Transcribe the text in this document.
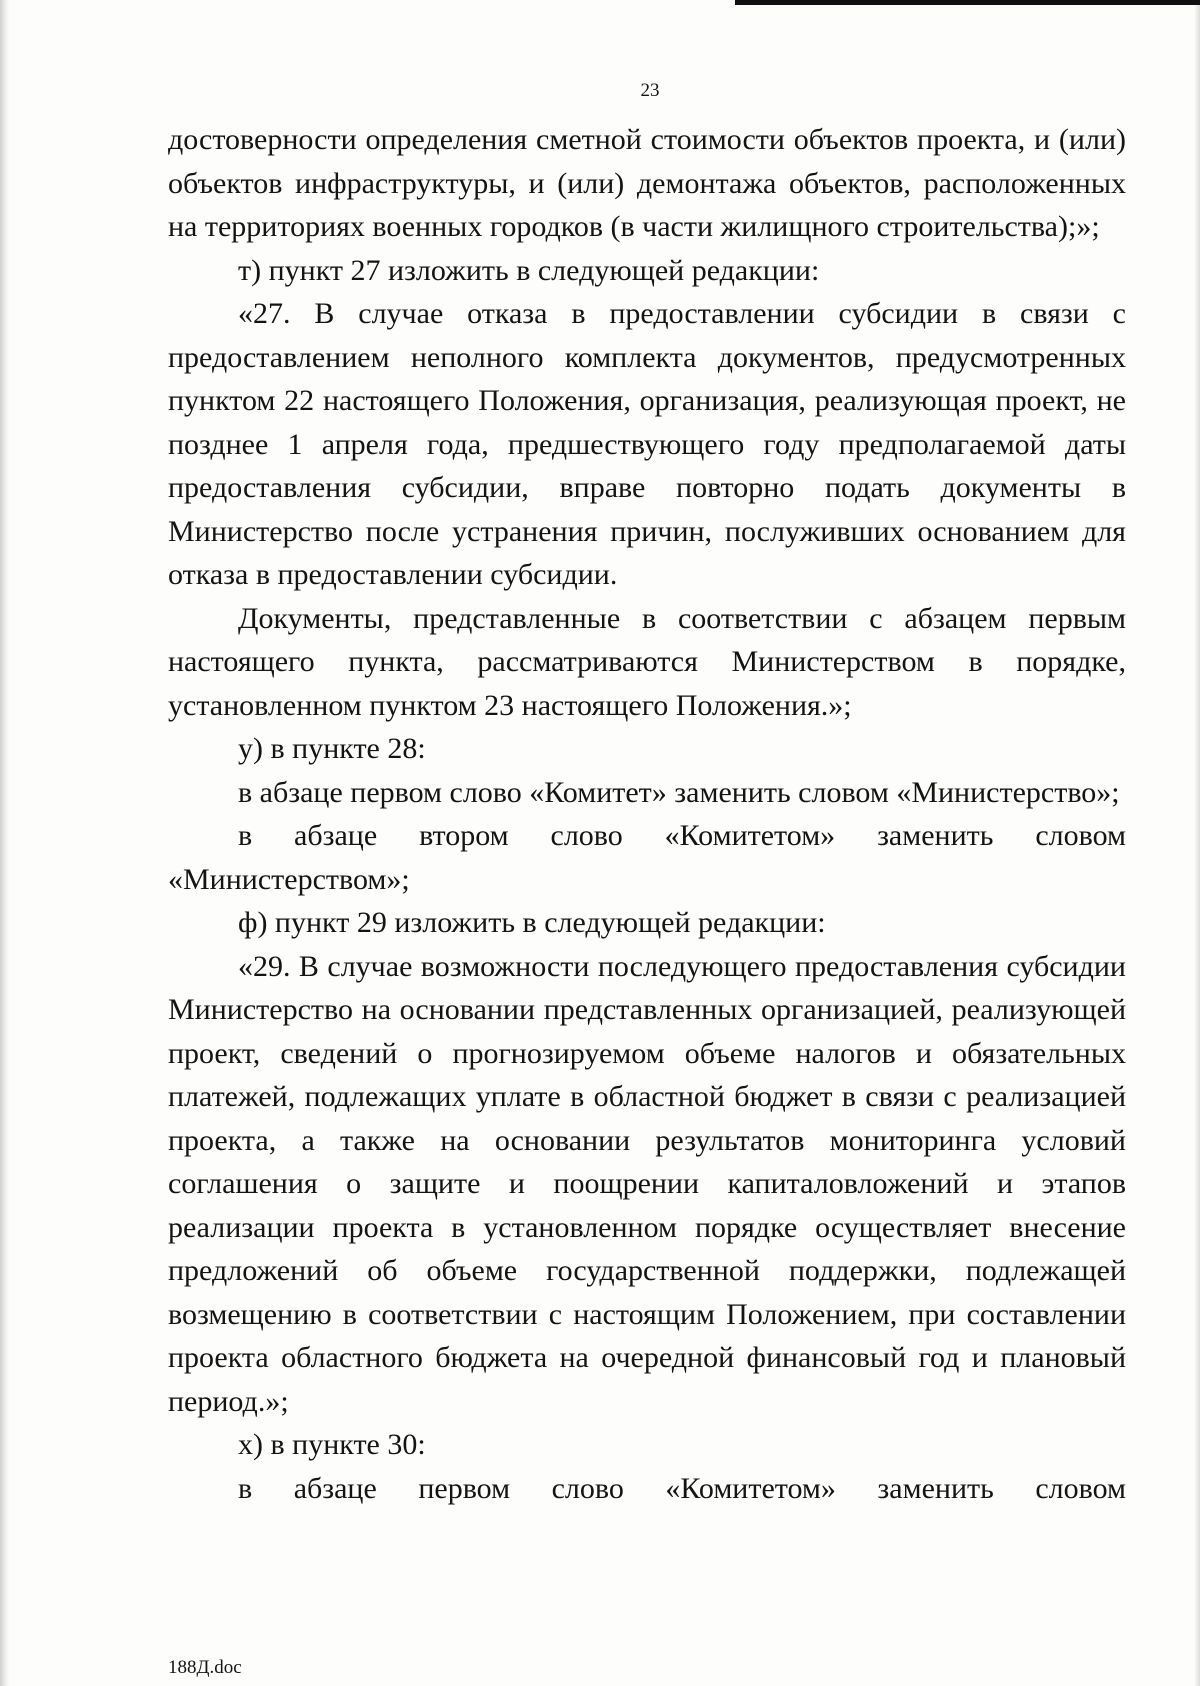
23

достоверности определения сметной стоимости объектов проекта, и (или) объектов инфраструктуры, и (или) демонтажа объектов, расположенных на территориях военных городков (в части жилищного строительства);»;

т) пункт 27 изложить в следующей редакции:

«27. В случае отказа в предоставлении субсидии в связи с предоставлением неполного комплекта документов, предусмотренных пунктом 22 настоящего Положения, организация, реализующая проект, не позднее 1 апреля года, предшествующего году предполагаемой даты предоставления субсидии, вправе повторно подать документы в Министерство после устранения причин, послуживших основанием для отказа в предоставлении субсидии.

Документы, представленные в соответствии с абзацем первым настоящего пункта, рассматриваются Министерством в порядке, установленном пунктом 23 настоящего Положения.»;

у) в пункте 28:

в абзаце первом слово «Комитет» заменить словом «Министерство»;

в абзаце втором слово «Комитетом» заменить словом «Министерством»;

ф) пункт 29 изложить в следующей редакции:

«29. В случае возможности последующего предоставления субсидии Министерство на основании представленных организацией, реализующей проект, сведений о прогнозируемом объеме налогов и обязательных платежей, подлежащих уплате в областной бюджет в связи с реализацией проекта, а также на основании результатов мониторинга условий соглашения о защите и поощрении капиталовложений и этапов реализации проекта в установленном порядке осуществляет внесение предложений об объеме государственной поддержки, подлежащей возмещению в соответствии с настоящим Положением, при составлении проекта областного бюджета на очередной финансовый год и плановый период.»;

х) в пункте 30:

в абзаце первом слово «Комитетом» заменить словом

188Д.doc
